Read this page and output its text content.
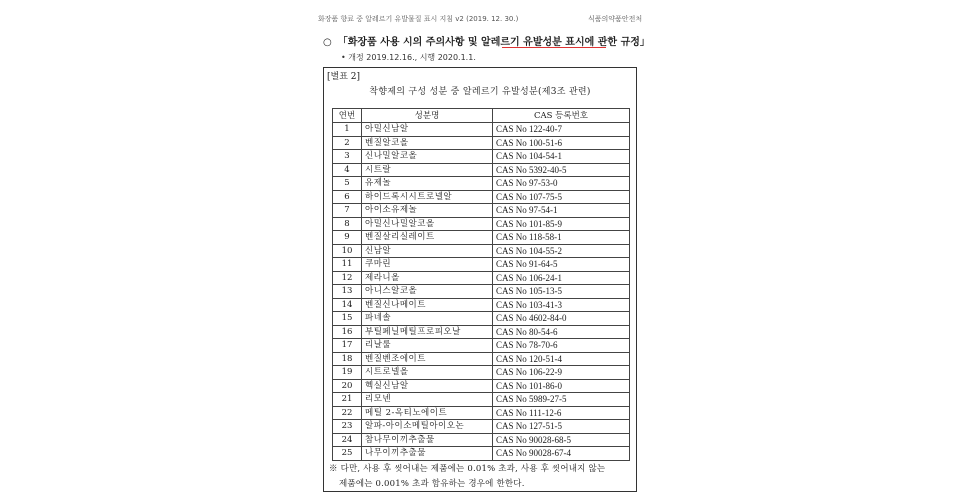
화장품 향료 중 알레르기 유발물질 표시 지침 v2 (2019. 12. 30.)	식품의약품안전처
○ 「화장품 사용 시의 주의사항 및 알레르기 유발성분 표시에 관한 규정」
• 개정 2019.12.16., 시행 2020.1.1.
[별표 2]
착향제의 구성 성분 중 알레르기 유발성분(제3조 관련)
연번	성분명	CAS 등록번호
1	아밀신남알	CAS No 122-40-7
2	벤질알코올	CAS No 100-51-6
3	신나밀알코올	CAS No 104-54-1
4	시트랄	CAS No 5392-40-5
5	유제놀	CAS No 97-53-0
6	하이드록시시트로넬알	CAS No 107-75-5
7	아이소유제놀	CAS No 97-54-1
8	아밀신나밀알코올	CAS No 101-85-9
9	벤질살리실레이트	CAS No 118-58-1
10	신남알	CAS No 104-55-2
11	쿠마린	CAS No 91-64-5
12	제라니올	CAS No 106-24-1
13	아니스알코올	CAS No 105-13-5
14	벤질신나메이트	CAS No 103-41-3
15	파네솔	CAS No 4602-84-0
16	부틸페닐메틸프로피오날	CAS No 80-54-6
17	리날룰	CAS No 78-70-6
18	벤질벤조에이트	CAS No 120-51-4
19	시트로넬올	CAS No 106-22-9
20	헥실신남알	CAS No 101-86-0
21	리모넨	CAS No 5989-27-5
22	메틸 2-옥티노에이트	CAS No 111-12-6
23	알파-아이소메틸아이오논	CAS No 127-51-5
24	참나무이끼추출물	CAS No 90028-68-5
25	나무이끼추출물	CAS No 90028-67-4
※ 다만, 사용 후 씻어내는 제품에는 0.01% 초과, 사용 후 씻어내지 않는
제품에는 0.001% 초과 함유하는 경우에 한한다.
